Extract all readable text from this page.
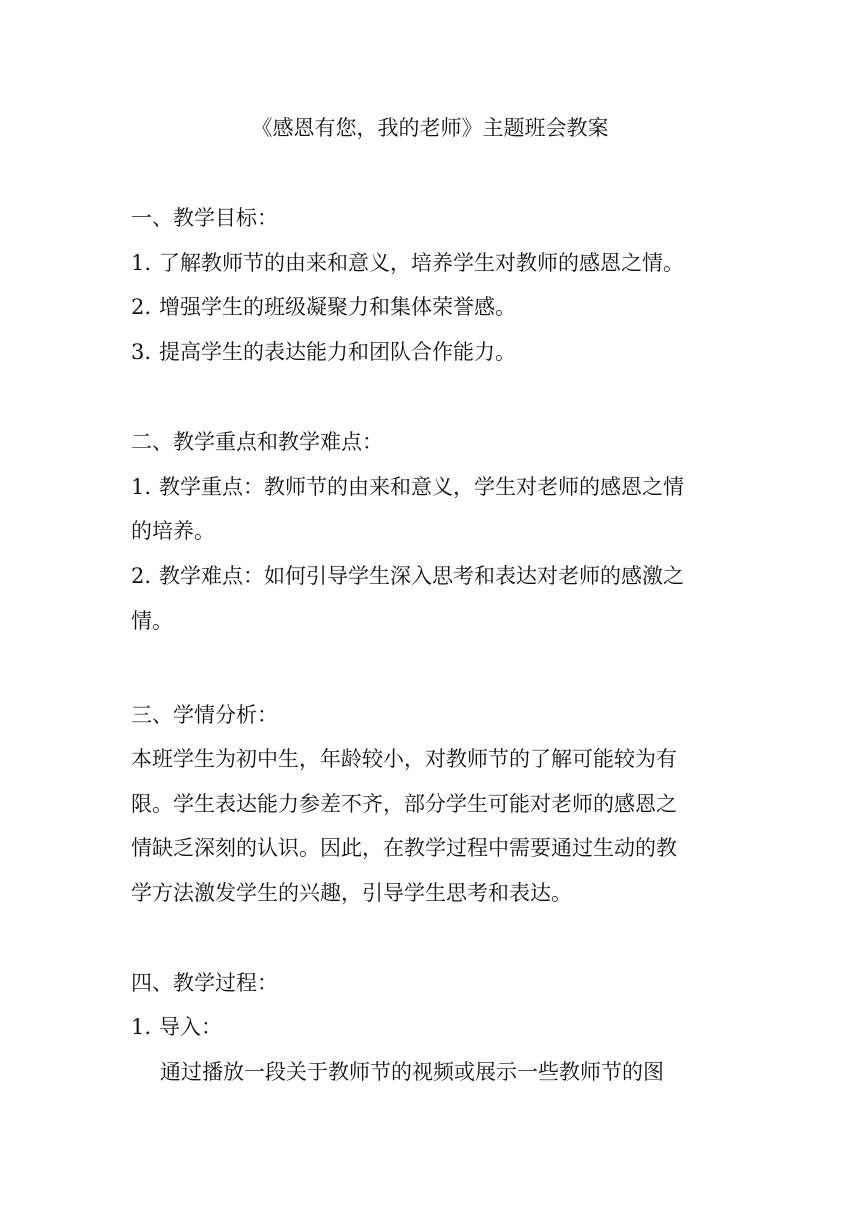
《感恩有您，我的老师》主题班会教案
一、教学目标：
1. 了解教师节的由来和意义，培养学生对教师的感恩之情。
2. 增强学生的班级凝聚力和集体荣誉感。
3. 提高学生的表达能力和团队合作能力。
二、教学重点和教学难点：
1. 教学重点：教师节的由来和意义，学生对老师的感恩之情
的培养。
2. 教学难点：如何引导学生深入思考和表达对老师的感激之
情。
三、学情分析：
本班学生为初中生，年龄较小，对教师节的了解可能较为有
限。学生表达能力参差不齐，部分学生可能对老师的感恩之
情缺乏深刻的认识。因此，在教学过程中需要通过生动的教
学方法激发学生的兴趣，引导学生思考和表达。
四、教学过程：
1. 导入：
通过播放一段关于教师节的视频或展示一些教师节的图
